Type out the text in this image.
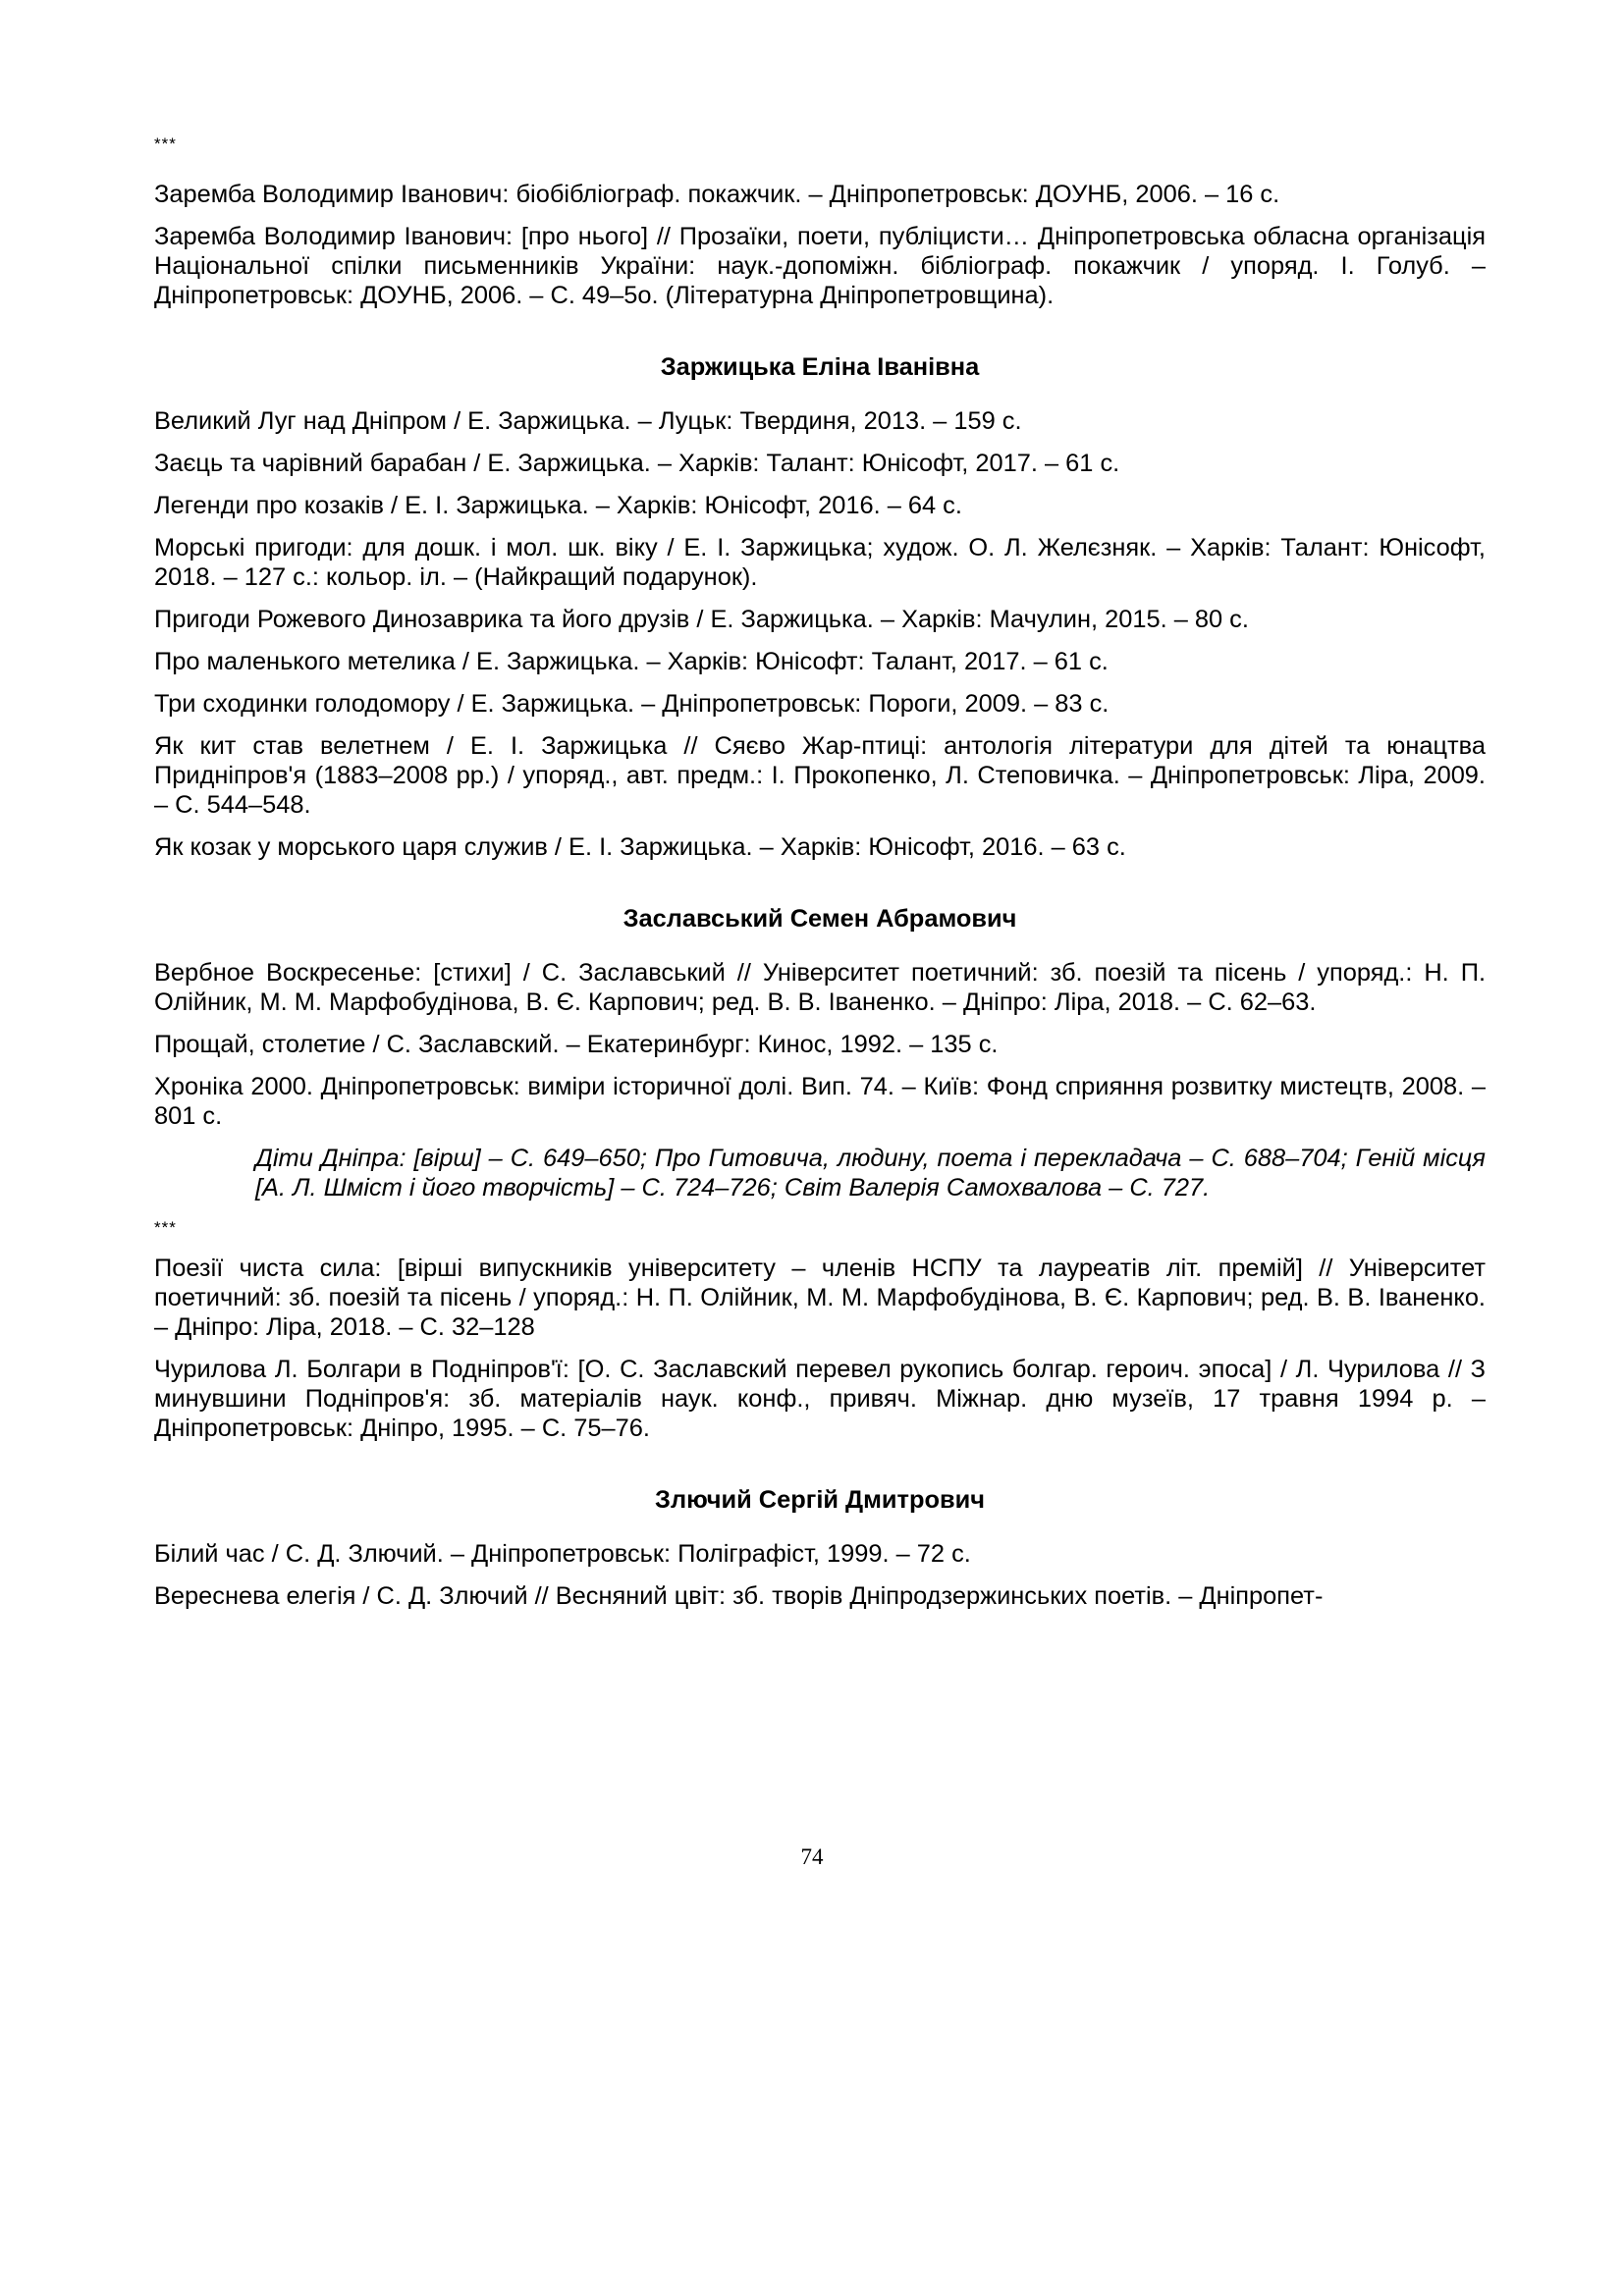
***

Заремба Володимир Іванович: біобібліограф. покажчик. – Дніпропетровськ: ДОУНБ, 2006. – 16 с.

Заремба Володимир Іванович: [про нього] // Прозаїки, поети, публіцисти… Дніпропетровська обласна організація Національної спілки письменників України: наук.-допоміжн. бібліограф. покажчик / упоряд. І. Голуб. – Дніпропетровськ: ДОУНБ, 2006. – С. 49–5о. (Літературна Дніпропетровщина).

Заржицька Еліна Іванівна

Великий Луг над Дніпром / Е. Заржицька. – Луцьк: Твердиня, 2013. – 159 с.

Заєць та чарівний барабан / Е. Заржицька. – Харків: Талант: Юнісофт, 2017. – 61 с.

Легенди про козаків / Е. І. Заржицька. – Харків: Юнісофт, 2016. – 64 с.

Морські пригоди: для дошк. і мол. шк. віку / Е. І. Заржицька; худож. О. Л. Желєзняк. – Харків: Талант: Юнісофт, 2018. – 127 с.: кольор. іл. – (Найкращий подарунок).

Пригоди Рожевого Динозаврика та його друзів / Е. Заржицька. – Харків: Мачулин, 2015. – 80 с.

Про маленького метелика / Е. Заржицька. – Харків: Юнісофт: Талант, 2017. – 61 с.

Три сходинки голодомору / Е. Заржицька. – Дніпропетровськ: Пороги, 2009. – 83 с.

Як кит став велетнем / Е. І. Заржицька // Сяєво Жар-птиці: антологія літератури для дітей та юнацтва Придніпров'я (1883–2008 рр.) / упоряд., авт. предм.: І. Прокопенко, Л. Степовичка. – Дніпропетровськ: Ліра, 2009. – С. 544–548.

Як козак у морського царя служив / Е. І. Заржицька. – Харків: Юнісофт, 2016. – 63 с.

Заславський Семен Абрамович

Вербное Воскресенье: [стихи] / С. Заславський // Університет поетичний: зб. поезій та пісень / упоряд.: Н. П. Олійник, М. М. Марфобудінова, В. Є. Карпович; ред. В. В. Іваненко. – Дніпро: Ліра, 2018. – С. 62–63.

Прощай, столетие / С. Заславский. – Екатеринбург: Кинос, 1992. – 135 с.

Хроніка 2000. Дніпропетровськ: виміри історичної долі. Вип. 74. – Київ: Фонд сприяння розвитку мистецтв, 2008. – 801 с.

Діти Дніпра: [вірш] – С. 649–650; Про Гитовича, людину, поета і перекладача – С. 688–704; Геній місця [А. Л. Шміст і його творчість] – С. 724–726; Світ Валерія Самохвалова – С. 727.

***

Поезії чиста сила: [вірші випускників університету – членів НСПУ та лауреатів літ. премій] // Університет поетичний: зб. поезій та пісень / упоряд.: Н. П. Олійник, М. М. Марфобудінова, В. Є. Карпович; ред. В. В. Іваненко. – Дніпро: Ліра, 2018. – С. 32–128

Чурилова Л. Болгари в Подніпров'ї: [О. С. Заславский перевел рукопись болгар. героич. эпоса] / Л. Чурилова // З минувшини Подніпров'я: зб. матеріалів наук. конф., привяч. Міжнар. дню музеїв, 17 травня 1994 р. – Дніпропетровськ: Дніпро, 1995. – С. 75–76.

Злючий Сергій Дмитрович

Білий час / С. Д. Злючий. – Дніпропетровськ: Поліграфіст, 1999. – 72 с.

Вереснева елегія / С. Д. Злючий // Весняний цвіт: зб. творів Дніпродзержинських поетів. – Дніпропет-

74
